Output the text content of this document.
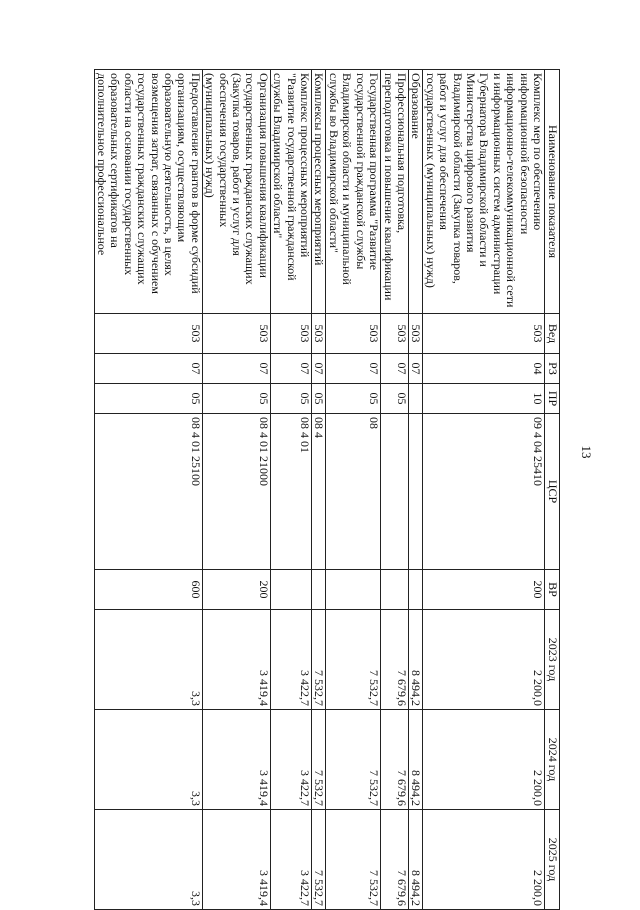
13
Наименование показателя	Вед	РЗ	ПР	ЦСР	ВР	2023 год	2024 год	2025 год
Комплекс мер по обеспечению информационной безопасности информационно-телекоммуникационной сети и информационных систем администрации Губернатора Владимирской области и Министерства цифрового развития Владимирской области (Закупка товаров, работ и услуг для обеспечения государственных (муниципальных) нужд)	503	04	10	09 4 04 25410	200	2 200,0	2 200,0	2 200,0
Образование	503	07				8 494,2	8 494,2	8 494,2
Профессиональная подготовка, переподготовка и повышение квалификации	503	07	05			7 679,6	7 679,6	7 679,6
Государственная программа "Развитие государственной гражданской службы Владимирской области и муниципальной службы во Владимирской области"	503	07	05	08		7 532,7	7 532,7	7 532,7
Комплексы процессных мероприятий	503	07	05	08 4		7 532,7	7 532,7	7 532,7
Комплекс процессных мероприятий "Развитие государственной гражданской службы Владимирской области"	503	07	05	08 4 01		3 422,7	3 422,7	3 422,7
Организация повышения квалификации государственных гражданских служащих (Закупка товаров, работ и услуг для обеспечения государственных (муниципальных) нужд)	503	07	05	08 4 01 21000	200	3 419,4	3 419,4	3 419,4
Предоставление грантов в форме субсидий организациям, осуществляющим образовательную деятельность, в целях возмещения затрат, связанных с обучением государственных гражданских служащих области на основании государственных образовательных сертификатов на дополнительное профессиональное	503	07	05	08 4 01 25100	600	3,3	3,3	3,3
